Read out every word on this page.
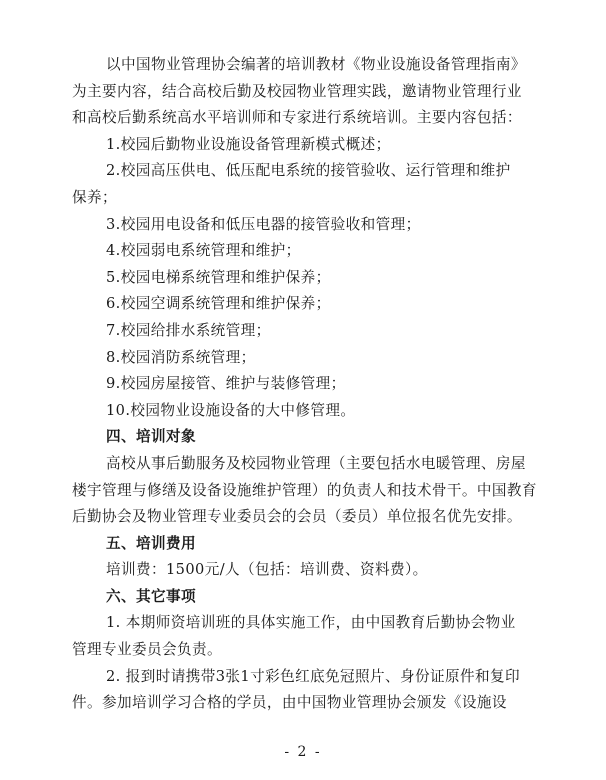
以中国物业管理协会编著的培训教材《物业设施设备管理指南》

为主要内容，结合高校后勤及校园物业管理实践，邀请物业管理行业

和高校后勤系统高水平培训师和专家进行系统培训。主要内容包括：

1.校园后勤物业设施设备管理新模式概述；

2.校园高压供电、低压配电系统的接管验收、运行管理和维护

保养；

3.校园用电设备和低压电器的接管验收和管理；

4.校园弱电系统管理和维护；

5.校园电梯系统管理和维护保养；

6.校园空调系统管理和维护保养；

7.校园给排水系统管理；

8.校园消防系统管理；

9.校园房屋接管、维护与装修管理；

10.校园物业设施设备的大中修管理。

四、培训对象

高校从事后勤服务及校园物业管理（主要包括水电暖管理、房屋

楼宇管理与修缮及设备设施维护管理）的负责人和技术骨干。中国教育

后勤协会及物业管理专业委员会的会员（委员）单位报名优先安排。

五、培训费用

培训费：1500元/人（包括：培训费、资料费）。

六、其它事项

1. 本期师资培训班的具体实施工作，由中国教育后勤协会物业

管理专业委员会负责。

2. 报到时请携带3张1寸彩色红底免冠照片、身份证原件和复印

件。参加培训学习合格的学员，由中国物业管理协会颁发《设施设

- 2 -
